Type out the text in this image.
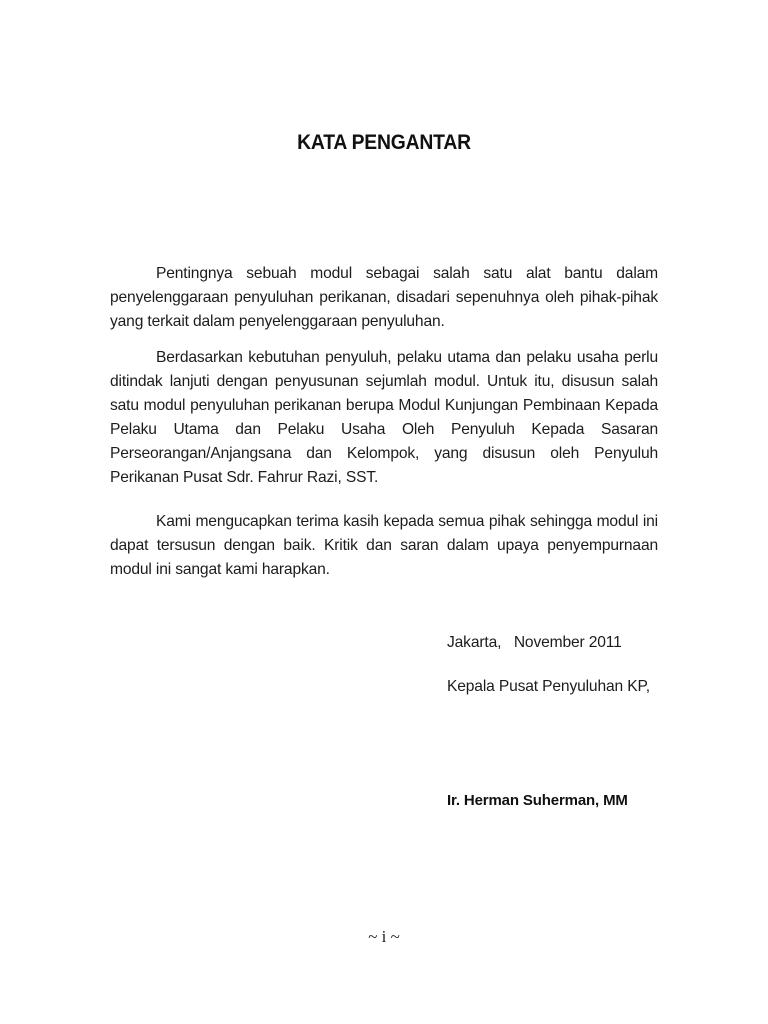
KATA PENGANTAR

Pentingnya sebuah modul sebagai salah satu alat bantu dalam penyelenggaraan penyuluhan perikanan, disadari sepenuhnya oleh pihak-pihak yang terkait dalam penyelenggaraan penyuluhan.

Berdasarkan kebutuhan penyuluh, pelaku utama dan pelaku usaha perlu ditindak lanjuti dengan penyusunan sejumlah modul. Untuk itu, disusun salah satu modul penyuluhan perikanan berupa Modul Kunjungan Pembinaan Kepada Pelaku Utama dan Pelaku Usaha Oleh Penyuluh Kepada Sasaran Perseorangan/Anjangsana dan Kelompok, yang disusun oleh Penyuluh Perikanan Pusat Sdr. Fahrur Razi, SST.

Kami mengucapkan terima kasih kepada semua pihak sehingga modul ini dapat tersusun dengan baik. Kritik dan saran dalam upaya penyempurnaan modul ini sangat kami harapkan.

Jakarta,   November 2011
Kepala Pusat Penyuluhan KP,
Ir. Herman Suherman, MM
~ i ~
